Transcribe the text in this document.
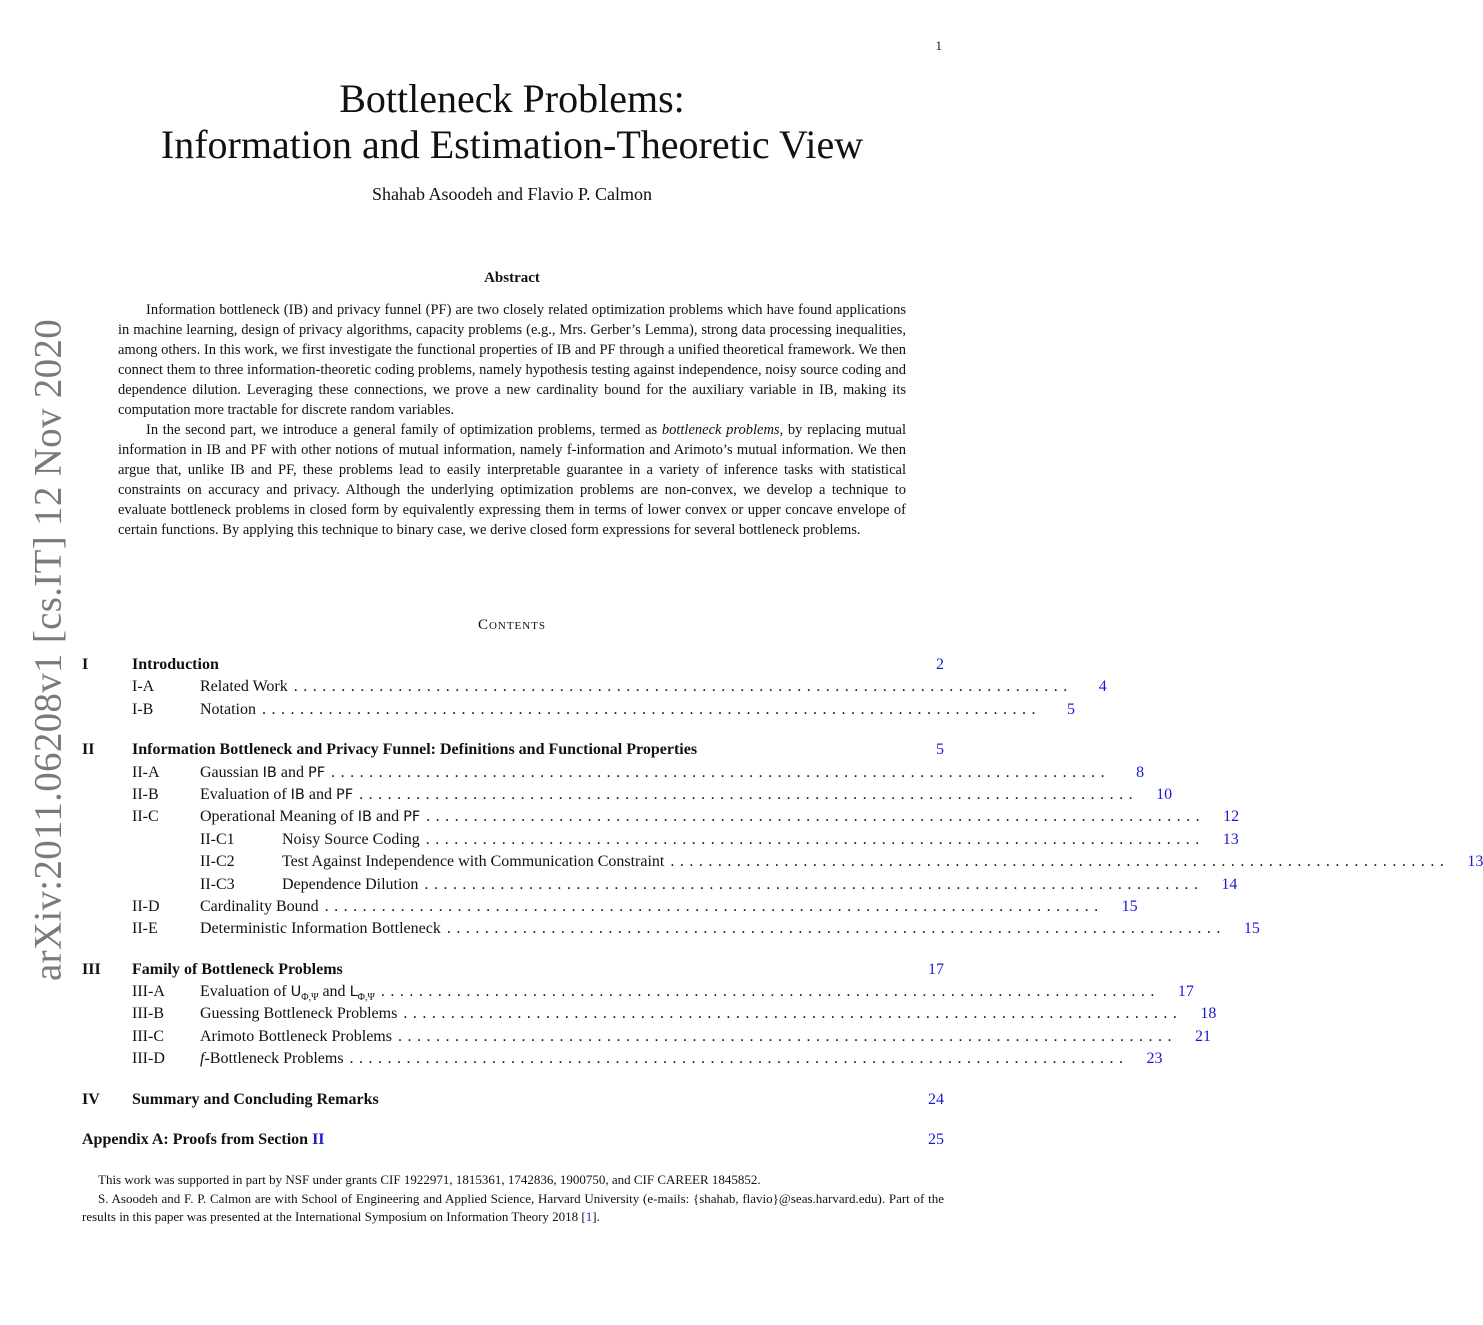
1
arXiv:2011.06208v1 [cs.IT] 12 Nov 2020
Bottleneck Problems:
Information and Estimation-Theoretic View
Shahab Asoodeh and Flavio P. Calmon
Abstract

Information bottleneck (IB) and privacy funnel (PF) are two closely related optimization problems which have found applications in machine learning, design of privacy algorithms, capacity problems (e.g., Mrs. Gerber’s Lemma), strong data processing inequalities, among others. In this work, we first investigate the functional properties of IB and PF through a unified theoretical framework. We then connect them to three information-theoretic coding problems, namely hypothesis testing against independence, noisy source coding and dependence dilution. Leveraging these connections, we prove a new cardinality bound for the auxiliary variable in IB, making its computation more tractable for discrete random variables.

In the second part, we introduce a general family of optimization problems, termed as bottleneck problems, by replacing mutual information in IB and PF with other notions of mutual information, namely f-information and Arimoto’s mutual information. We then argue that, unlike IB and PF, these problems lead to easily interpretable guarantee in a variety of inference tasks with statistical constraints on accuracy and privacy. Although the underlying optimization problems are non-convex, we develop a technique to evaluate bottleneck problems in closed form by equivalently expressing them in terms of lower convex or upper concave envelope of certain functions. By applying this technique to binary case, we derive closed form expressions for several bottleneck problems.

Contents
I	Introduction	2
I-A	Related Work ..................................................................................	4
I-B	Notation ..................................................................................	5
II	Information Bottleneck and Privacy Funnel: Definitions and Functional Properties	5
II-A	Gaussian IB and PF ..................................................................................	8
II-B	Evaluation of IB and PF ..................................................................................	10
II-C	Operational Meaning of IB and PF ..................................................................................	12
II-C1	Noisy Source Coding ..................................................................................	13
II-C2	Test Against Independence with Communication Constraint ..................................................................................	13
II-C3	Dependence Dilution ..................................................................................	14
II-D	Cardinality Bound ..................................................................................	15
II-E	Deterministic Information Bottleneck ..................................................................................	15
III	Family of Bottleneck Problems	17
III-A	Evaluation of $U_{\Phi,\Psi}$ and $L_{\Phi,\Psi}$ ..................................................................................	17
III-B	Guessing Bottleneck Problems ..................................................................................	18
III-C	Arimoto Bottleneck Problems ..................................................................................	21
III-D	f-Bottleneck Problems ..................................................................................	23
IV	Summary and Concluding Remarks	24
Appendix A: Proofs from Section II	25

This work was supported in part by NSF under grants CIF 1922971, 1815361, 1742836, 1900750, and CIF CAREER 1845852.

S. Asoodeh and F. P. Calmon are with School of Engineering and Applied Science, Harvard University (e-mails: {shahab, flavio}@seas.harvard.edu). Part of the results in this paper was presented at the International Symposium on Information Theory 2018 [1].
